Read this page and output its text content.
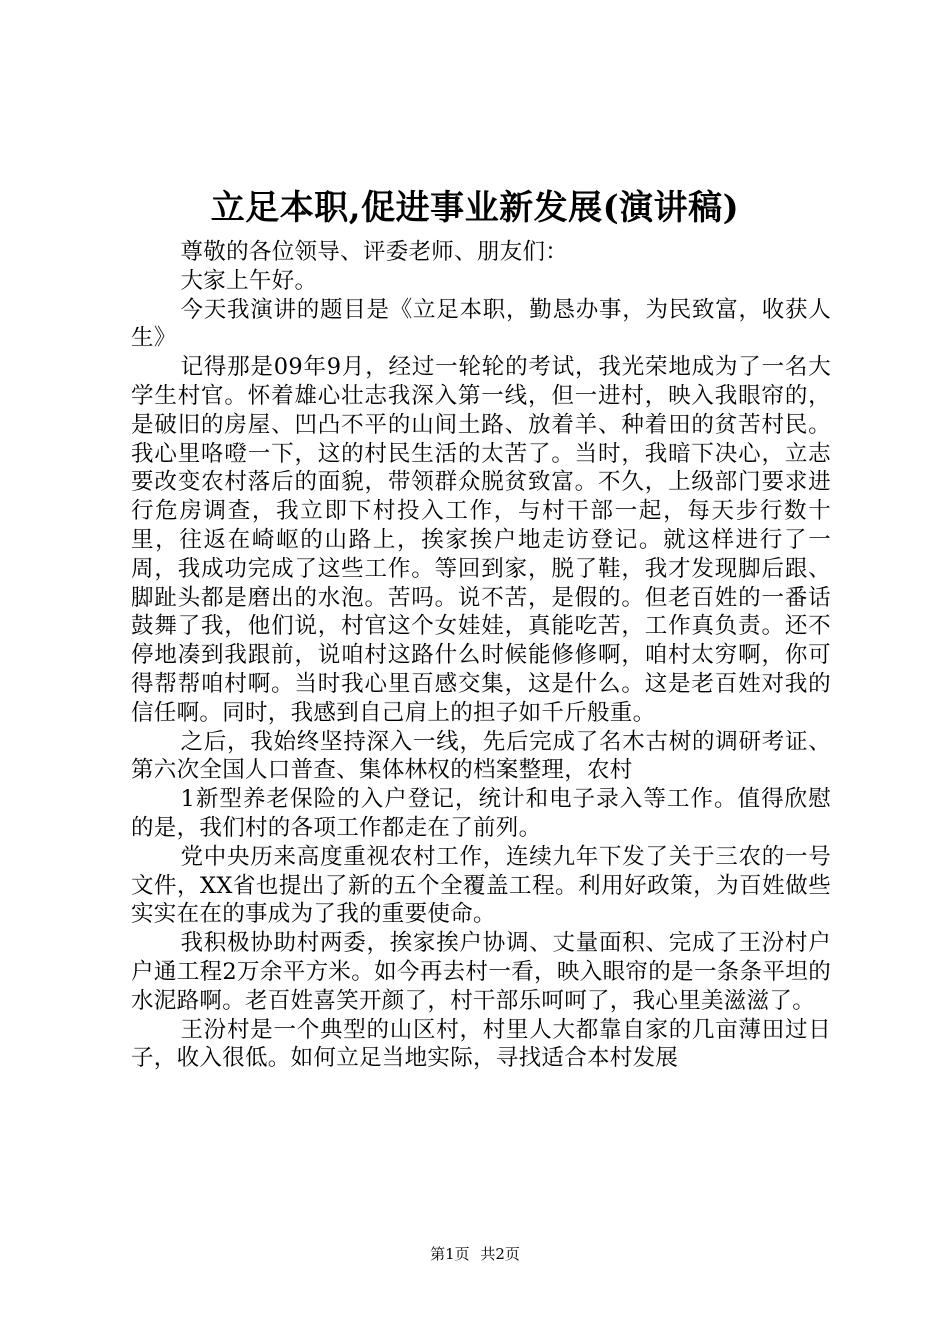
立足本职,促进事业新发展(演讲稿)

尊敬的各位领导、评委老师、朋友们：

大家上午好。

今天我演讲的题目是《立足本职，勤恳办事，为民致富，收获人生》

记得那是09年9月，经过一轮轮的考试，我光荣地成为了一名大学生村官。怀着雄心壮志我深入第一线，但一进村，映入我眼帘的，是破旧的房屋、凹凸不平的山间土路、放着羊、种着田的贫苦村民。我心里咯噔一下，这的村民生活的太苦了。当时，我暗下决心，立志要改变农村落后的面貌，带领群众脱贫致富。不久，上级部门要求进行危房调查，我立即下村投入工作，与村干部一起，每天步行数十里，往返在崎岖的山路上，挨家挨户地走访登记。就这样进行了一周，我成功完成了这些工作。等回到家，脱了鞋，我才发现脚后跟、脚趾头都是磨出的水泡。苦吗。说不苦，是假的。但老百姓的一番话鼓舞了我，他们说，村官这个女娃娃，真能吃苦，工作真负责。还不停地凑到我跟前，说咱村这路什么时候能修修啊，咱村太穷啊，你可得帮帮咱村啊。当时我心里百感交集，这是什么。这是老百姓对我的信任啊。同时，我感到自己肩上的担子如千斤般重。

之后，我始终坚持深入一线，先后完成了名木古树的调研考证、第六次全国人口普查、集体林权的档案整理，农村

1新型养老保险的入户登记，统计和电子录入等工作。值得欣慰的是，我们村的各项工作都走在了前列。

党中央历来高度重视农村工作，连续九年下发了关于三农的一号文件，XX省也提出了新的五个全覆盖工程。利用好政策，为百姓做些实实在在的事成为了我的重要使命。

我积极协助村两委，挨家挨户协调、丈量面积、完成了王汾村户户通工程2万余平方米。如今再去村一看，映入眼帘的是一条条平坦的水泥路啊。老百姓喜笑开颜了，村干部乐呵呵了，我心里美滋滋了。

王汾村是一个典型的山区村，村里人大都靠自家的几亩薄田过日子，收入很低。如何立足当地实际，寻找适合本村发展

第1页 共2页
